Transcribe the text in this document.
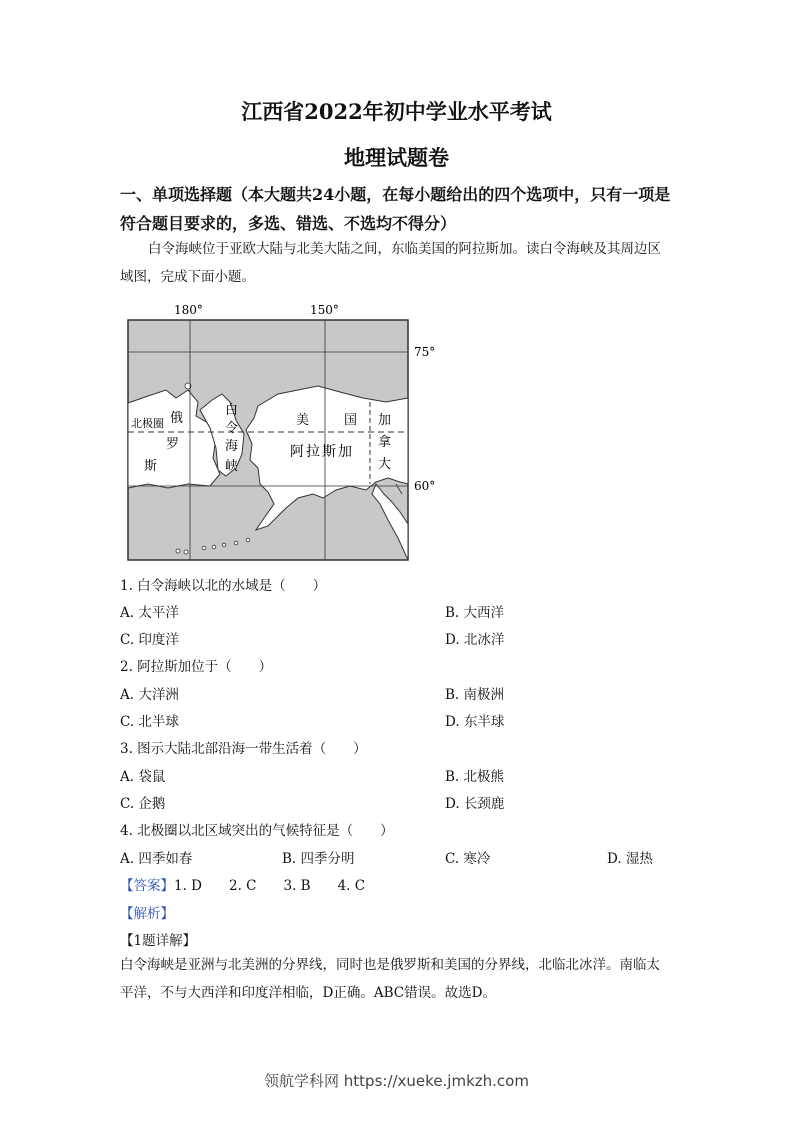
江西省2022年初中学业水平考试
地理试题卷
一、单项选择题（本大题共24小题，在每小题给出的四个选项中，只有一项是
符合题目要求的，多选、错选、不选均不得分）
白令海峡位于亚欧大陆与北美大陆之间，东临美国的阿拉斯加。读白令海峡及其周边区
域图，完成下面小题。
180°	150°
75°
60°
北极圈 俄
罗
斯
白
令
海
峡
美	国
阿拉斯加
加
拿
大
1. 白令海峡以北的水域是（　　）
A. 太平洋	B. 大西洋
C. 印度洋	D. 北冰洋
2. 阿拉斯加位于（　　）
A. 大洋洲	B. 南极洲
C. 北半球	D. 东半球
3. 图示大陆北部沿海一带生活着（　　）
A. 袋鼠	B. 北极熊
C. 企鹅	D. 长颈鹿
4. 北极圈以北区域突出的气候特征是（　　）
A. 四季如春	B. 四季分明	C. 寒冷	D. 湿热
【答案】1. D　　2. C　　3. B　　4. C
【解析】
【1题详解】
白令海峡是亚洲与北美洲的分界线，同时也是俄罗斯和美国的分界线，北临北冰洋。南临太
平洋，不与大西洋和印度洋相临，D正确。ABC错误。故选D。
领航学科网 https://xueke.jmkzh.com
